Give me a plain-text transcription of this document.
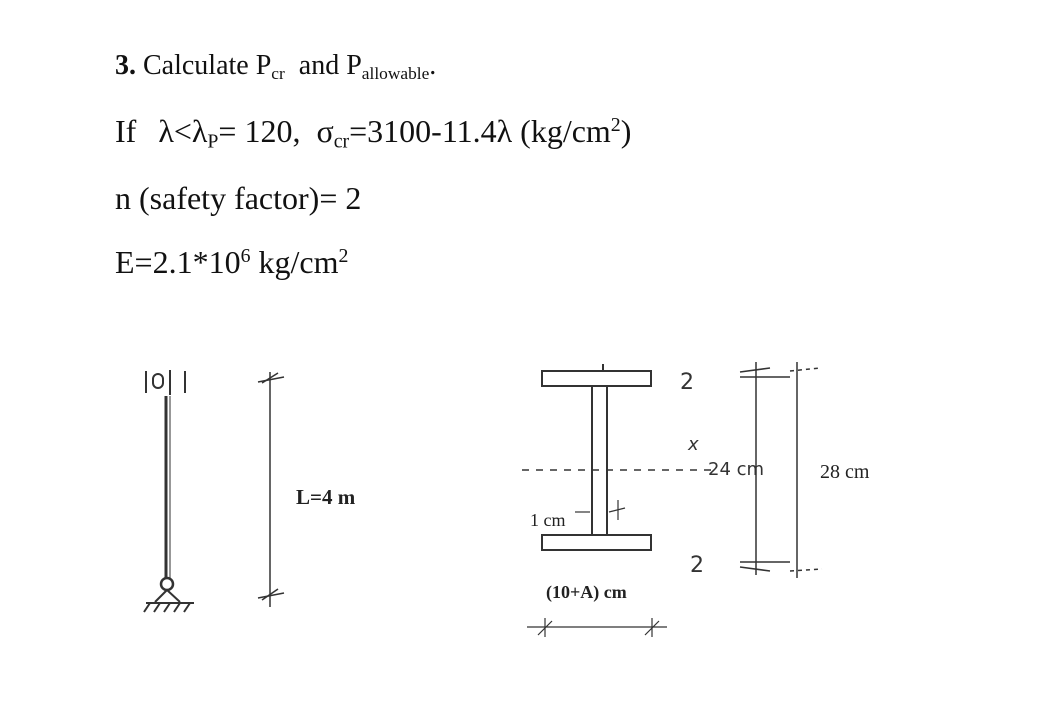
3. Calculate $P_{cr}$ and $P_{allowable}$.
If $\lambda<\lambda_P= 120$, $\sigma_{cr}=3100-11.4\lambda$ $(kg/cm^2)$
n (safety factor)= 2
$E=2.1*10^6$ $kg/cm^2$
L=4 m
1 cm
(10+A) cm
24 cm	28 cm
2
2
x
